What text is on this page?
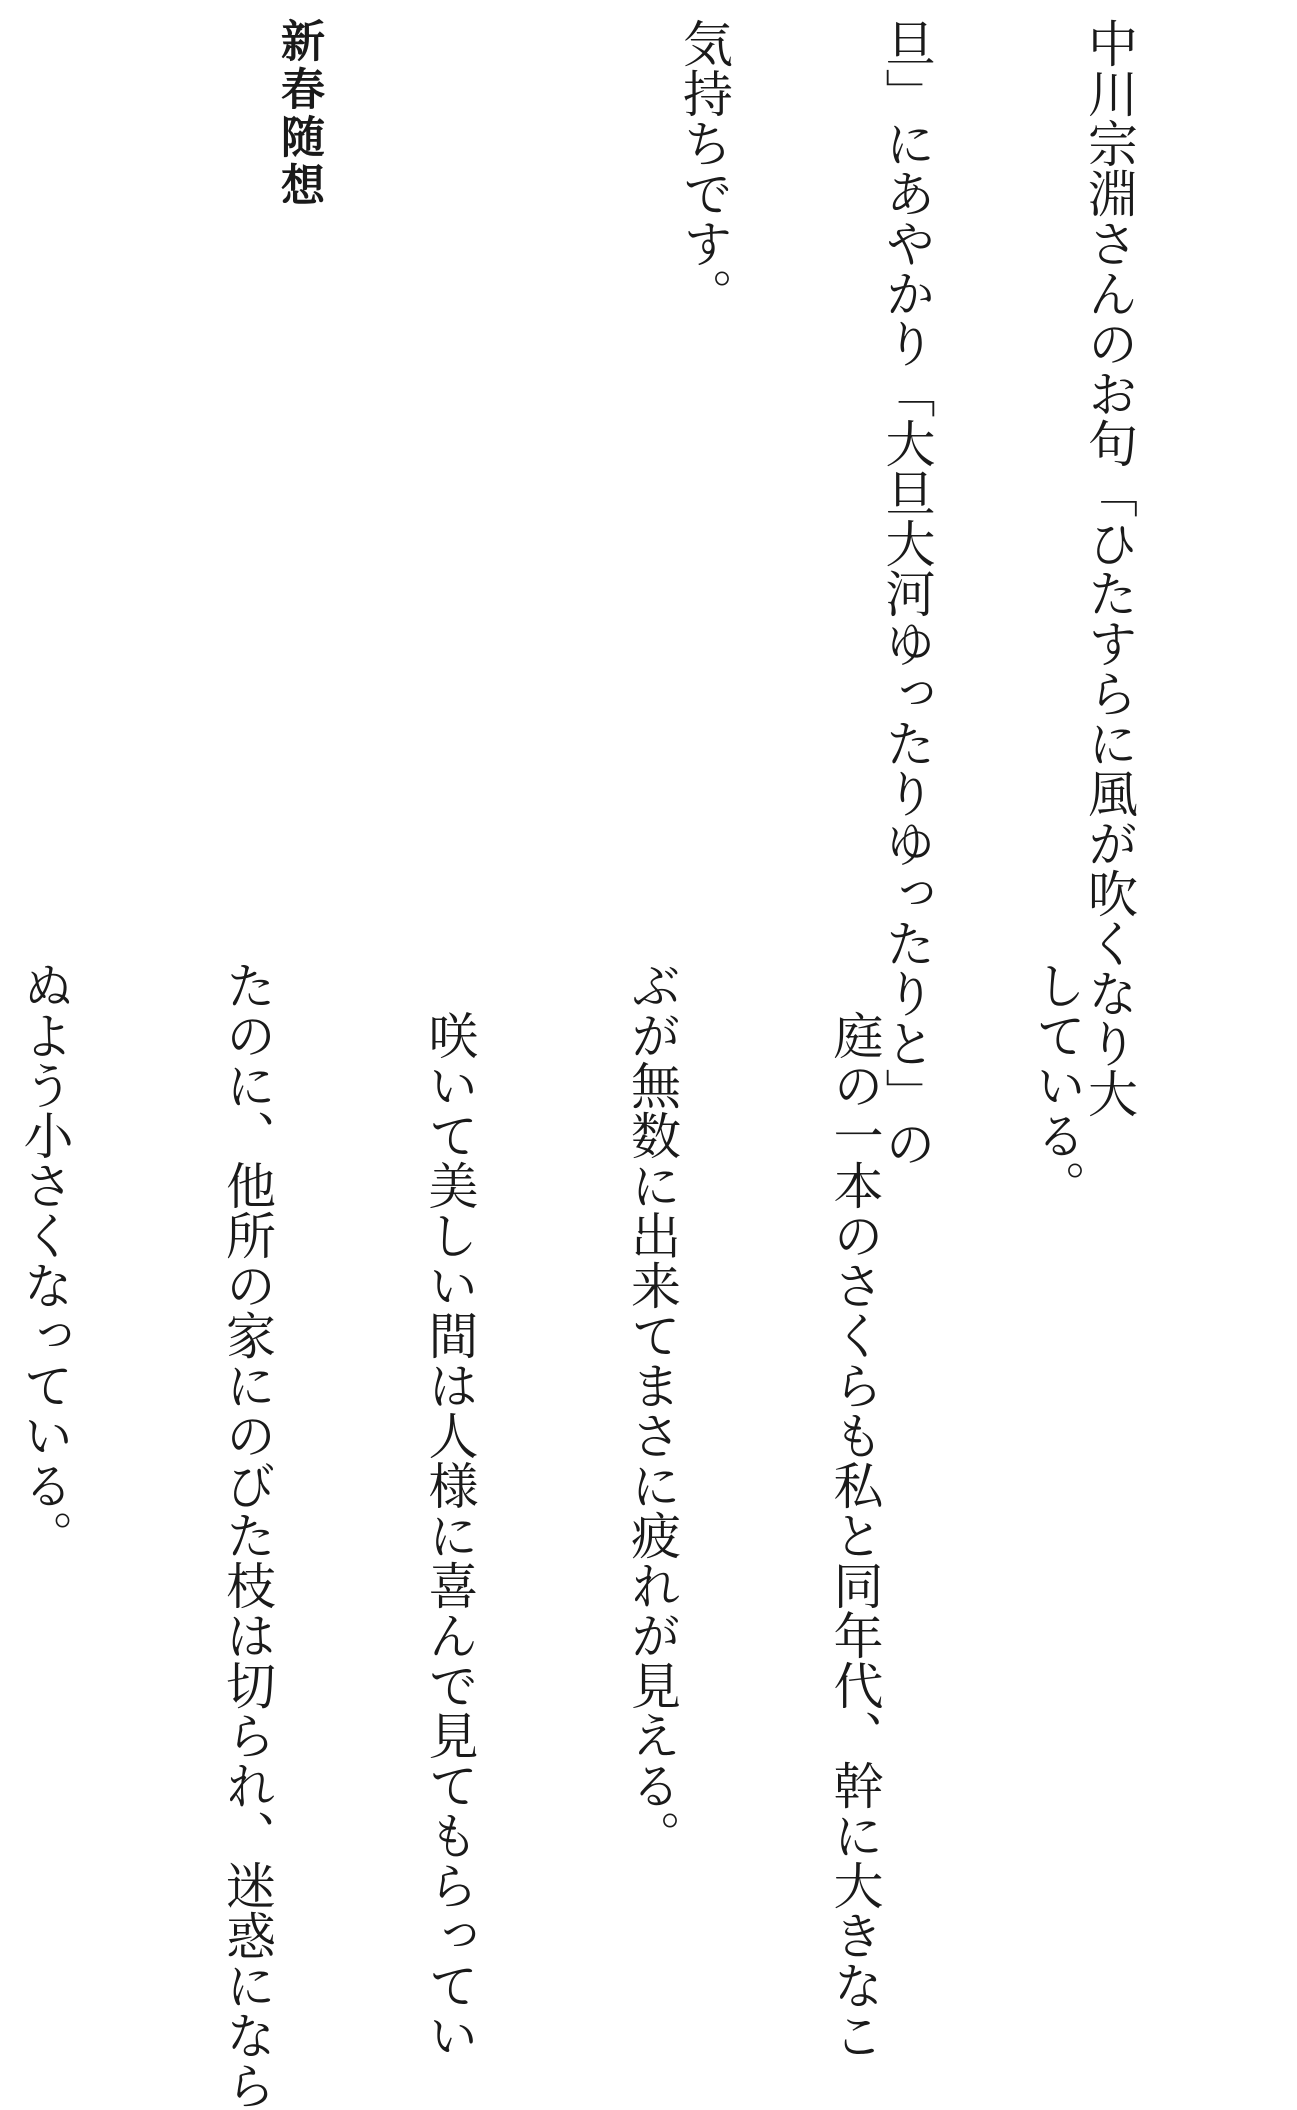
中川宗淵さんのお句「ひたすらに風が吹くなり大

旦」にあやかり「大旦大河ゆったりゆったりと」の

気持ちです。

新春随想

している。

　庭の一本のさくらも私と同年代、幹に大きなこ

ぶが無数に出来てまさに疲れが見える。

　咲いて美しい間は人様に喜んで見てもらってい

たのに、他所の家にのびた枝は切られ、迷惑になら

ぬよう小さくなっている。
